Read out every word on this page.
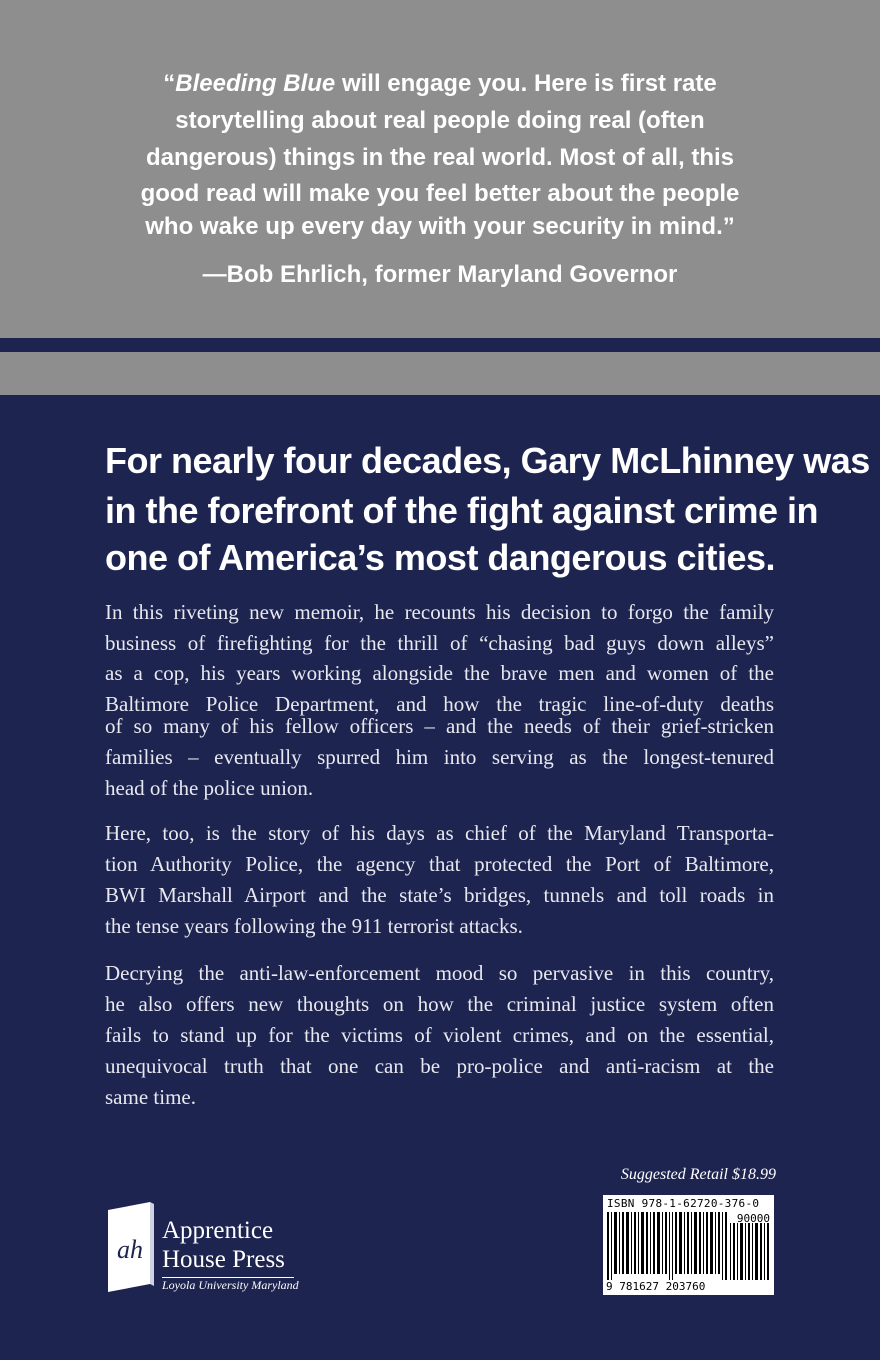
“Bleeding Blue will engage you. Here is first rate
storytelling about real people doing real (often
dangerous) things in the real world. Most of all, this
good read will make you feel better about the people
who wake up every day with your security in mind.”
—Bob Ehrlich, former Maryland Governor
For nearly four decades, Gary McLhinney was
in the forefront of the fight against crime in
one of America’s most dangerous cities.
In this riveting new memoir, he recounts his decision to forgo the family
business of firefighting for the thrill of “chasing bad guys down alleys”
as a cop, his years working alongside the brave men and women of the
Baltimore Police Department, and how the tragic line-of-duty deaths
of so many of his fellow officers – and the needs of their grief-stricken
families – eventually spurred him into serving as the longest-tenured
head of the police union.
Here, too, is the story of his days as chief of the Maryland Transporta-
tion Authority Police, the agency that protected the Port of Baltimore,
BWI Marshall Airport and the state’s bridges, tunnels and toll roads in
the tense years following the 911 terrorist attacks.
Decrying the anti-law-enforcement mood so pervasive in this country,
he also offers new thoughts on how the criminal justice system often
fails to stand up for the victims of violent crimes, and on the essential,
unequivocal truth that one can be pro-police and anti-racism at the
same time.
Suggested Retail $18.99
ISBN 978-1-62720-376-0
90000
9 781627 203760
ah
Apprentice
House Press
Loyola University Maryland
